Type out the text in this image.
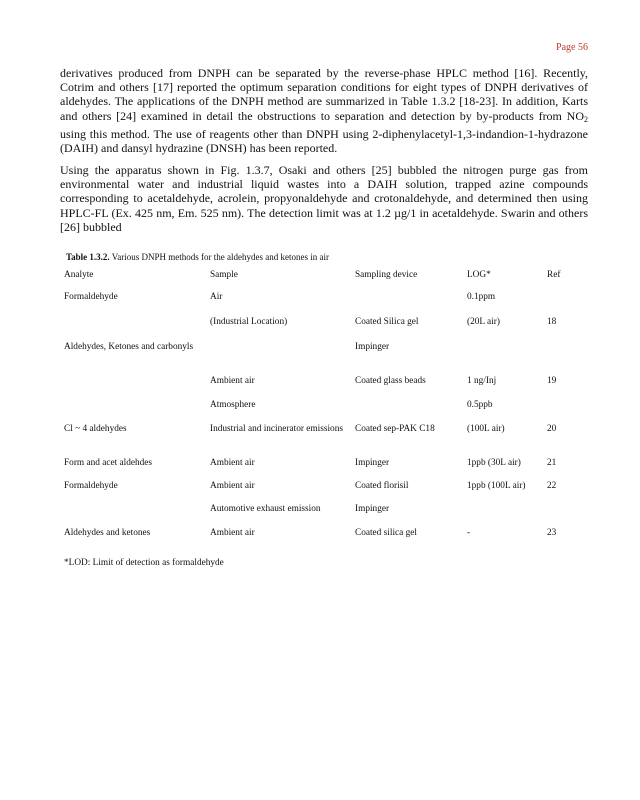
Page 56

derivatives produced from DNPH can be separated by the reverse-phase HPLC method [16]. Recently, Cotrim and others [17] reported the optimum separation conditions for eight types of DNPH derivatives of aldehydes. The applications of the DNPH method are summarized in Table 1.3.2 [18-23]. In addition, Karts and others [24] examined in detail the obstructions to separation and detection by by-products from $NO_2$ using this method. The use of reagents other than DNPH using 2-diphenylacetyl-1,3-indandion-1-hydrazone (DAIH) and dansyl hydrazine (DNSH) has been reported.

Using the apparatus shown in Fig. 1.3.7, Osaki and others [25] bubbled the nitrogen purge gas from environmental water and industrial liquid wastes into a DAIH solution, trapped azine compounds corresponding to acetaldehyde, acrolein, propyonaldehyde and crotonaldehyde, and determined then using HPLC-FL (Ex. 425 nm, Em. 525 nm). The detection limit was at 1.2 µg/1 in acetaldehyde. Swarin and others [26] bubbled

Table 1.3.2. Various DNPH methods for the aldehydes and ketones in air
Analyte	Sample	Sampling device	LOG*	Ref
Formaldehyde	Air		0.1ppm	
	(Industrial Location)	Coated Silica gel	(20L air)	18
Aldehydes, Ketones and carbonyls		Impinger		
	Ambient air	Coated glass beads	1 ng/Inj	19
	Atmosphere		0.5ppb	
Cl ~ 4 aldehydes	Industrial and incinerator emissions	Coated sep-PAK C18	(100L air)	20
Form and acet aldehdes	Ambient air	Impinger	1ppb (30L air)	21
Formaldehyde	Ambient air	Coated florisil	1ppb (100L air)	22
	Automotive exhaust emission	Impinger		
Aldehydes and ketones	Ambient air	Coated silica gel	-	23
*LOD: Limit of detection as formaldehyde
